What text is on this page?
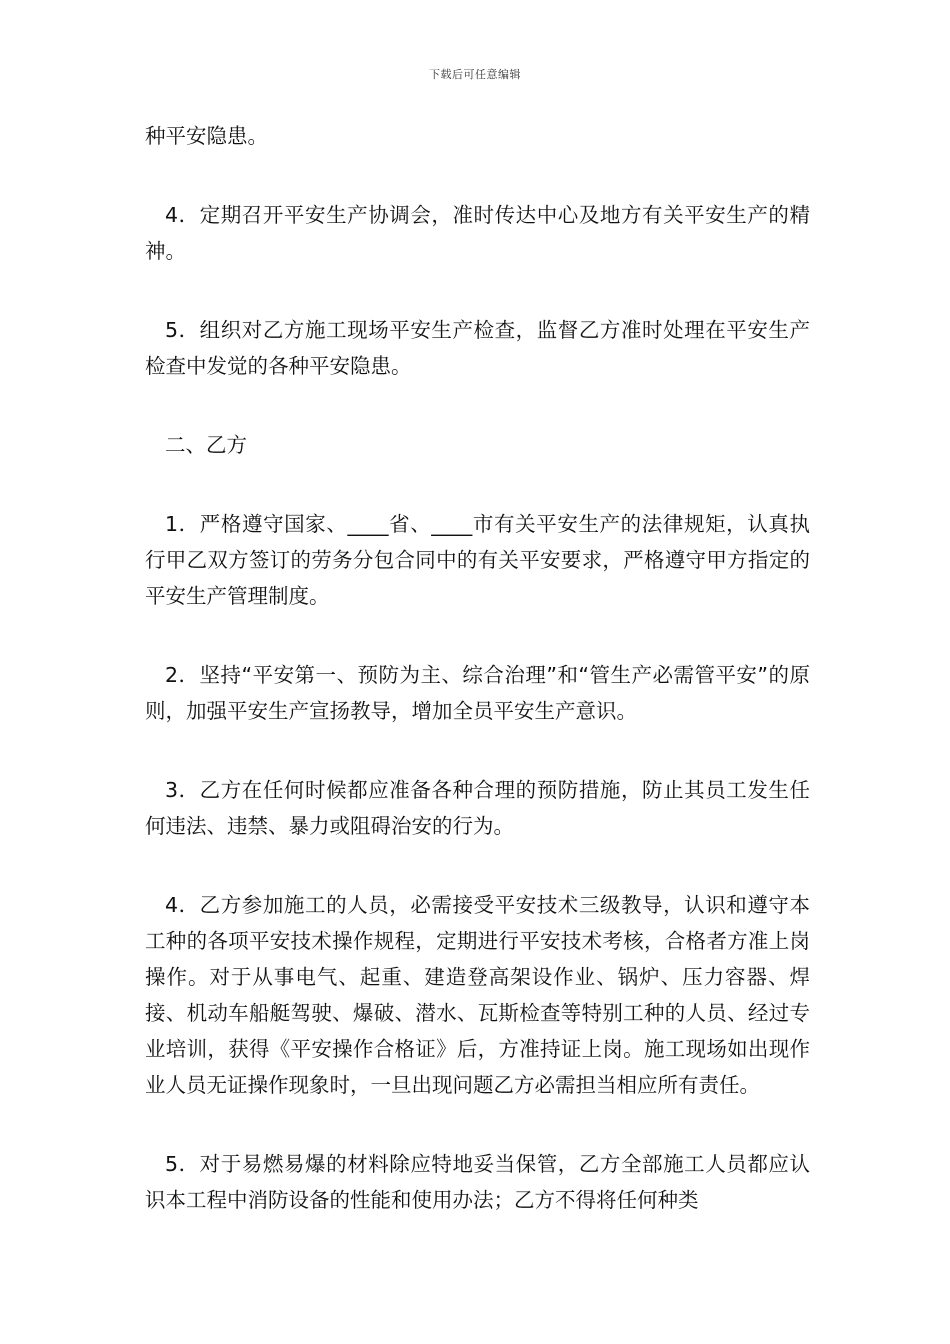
下载后可任意编辑

种平安隐患。

4．定期召开平安生产协调会，准时传达中心及地方有关平安生产的精神。

5．组织对乙方施工现场平安生产检查，监督乙方准时处理在平安生产检查中发觉的各种平安隐患。

二、乙方

1．严格遵守国家、____省、____市有关平安生产的法律规矩，认真执行甲乙双方签订的劳务分包合同中的有关平安要求，严格遵守甲方指定的平安生产管理制度。

2．坚持“平安第一、预防为主、综合治理”和“管生产必需管平安”的原则，加强平安生产宣扬教导，增加全员平安生产意识。

3．乙方在任何时候都应准备各种合理的预防措施，防止其员工发生任何违法、违禁、暴力或阻碍治安的行为。

4．乙方参加施工的人员，必需接受平安技术三级教导，认识和遵守本工种的各项平安技术操作规程，定期进行平安技术考核，合格者方准上岗操作。对于从事电气、起重、建造登高架设作业、锅炉、压力容器、焊接、机动车船艇驾驶、爆破、潜水、瓦斯检查等特别工种的人员、经过专业培训，获得《平安操作合格证》后，方准持证上岗。施工现场如出现作业人员无证操作现象时，一旦出现问题乙方必需担当相应所有责任。

5．对于易燃易爆的材料除应特地妥当保管，乙方全部施工人员都应认识本工程中消防设备的性能和使用办法；乙方不得将任何种类
